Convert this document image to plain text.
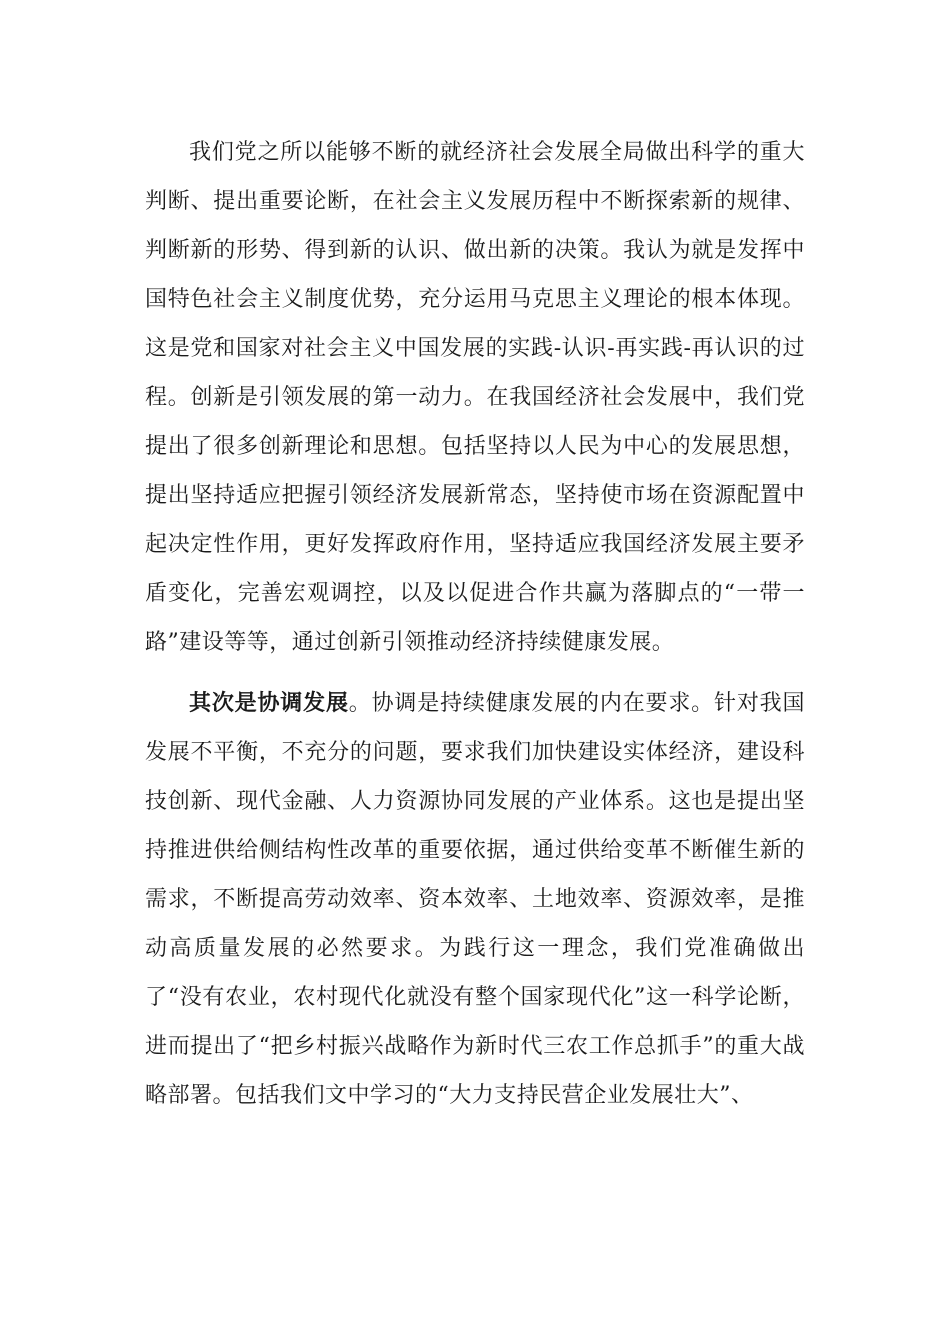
我们党之所以能够不断的就经济社会发展全局做出科学的重大判断、提出重要论断，在社会主义发展历程中不断探索新的规律、判断新的形势、得到新的认识、做出新的决策。我认为就是发挥中国特色社会主义制度优势，充分运用马克思主义理论的根本体现。这是党和国家对社会主义中国发展的实践-认识-再实践-再认识的过程。创新是引领发展的第一动力。在我国经济社会发展中，我们党提出了很多创新理论和思想。包括坚持以人民为中心的发展思想，提出坚持适应把握引领经济发展新常态，坚持使市场在资源配置中起决定性作用，更好发挥政府作用，坚持适应我国经济发展主要矛盾变化，完善宏观调控，以及以促进合作共赢为落脚点的“一带一路”建设等等，通过创新引领推动经济持续健康发展。

其次是协调发展。协调是持续健康发展的内在要求。针对我国发展不平衡，不充分的问题，要求我们加快建设实体经济，建设科技创新、现代金融、人力资源协同发展的产业体系。这也是提出坚持推进供给侧结构性改革的重要依据，通过供给变革不断催生新的需求，不断提高劳动效率、资本效率、土地效率、资源效率，是推动高质量发展的必然要求。为践行这一理念，我们党准确做出了“没有农业，农村现代化就没有整个国家现代化”这一科学论断，进而提出了“把乡村振兴战略作为新时代三农工作总抓手”的重大战略部署。包括我们文中学习的“大力支持民营企业发展壮大”、
